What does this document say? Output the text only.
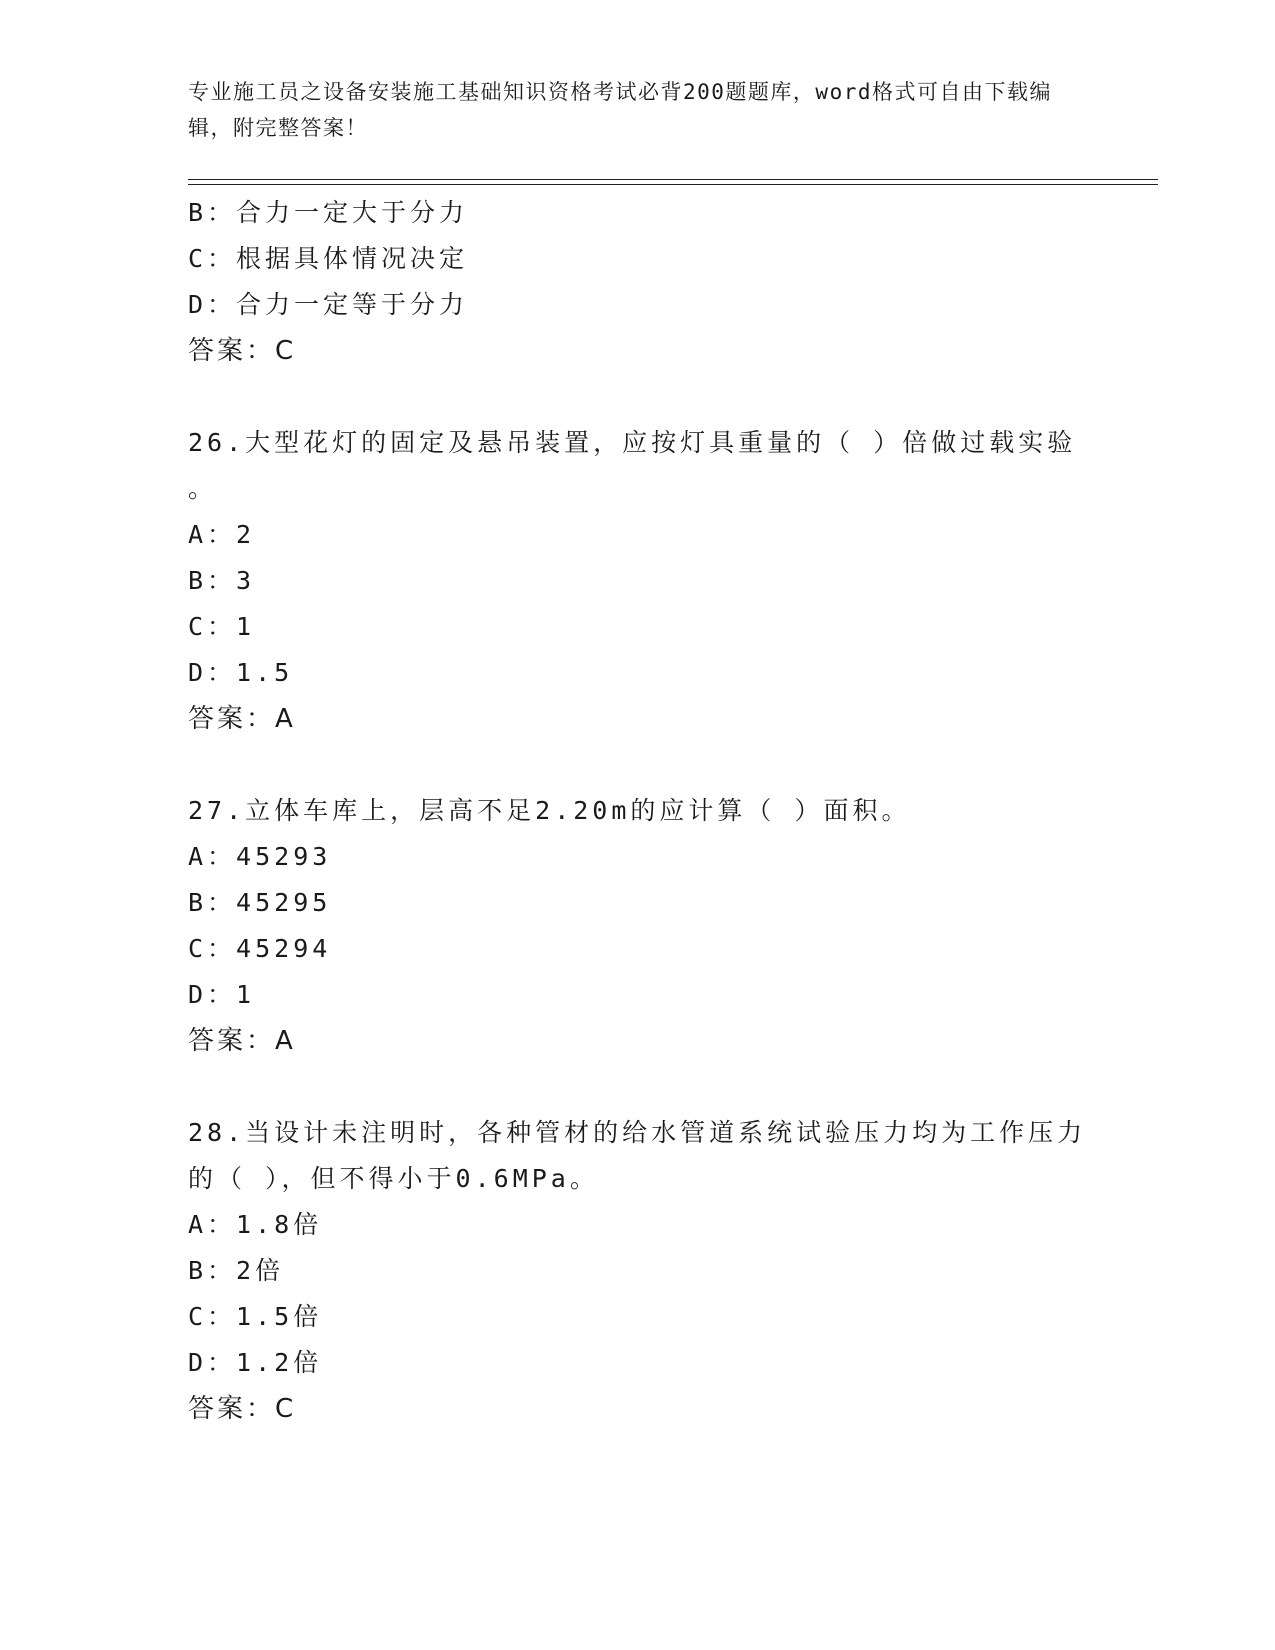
专业施工员之设备安装施工基础知识资格考试必背200题题库，word格式可自由下载编辑，附完整答案！
B：合力一定大于分力
C：根据具体情况决定
D：合力一定等于分力
答案：C
26.大型花灯的固定及悬吊装置，应按灯具重量的（ ）倍做过载实验
。
A：2
B：3
C：1
D：1.5
答案：A
27.立体车库上，层高不足2.20m的应计算（ ）面积。
A：45293
B：45295
C：45294
D：1
答案：A
28.当设计未注明时，各种管材的给水管道系统试验压力均为工作压力
的（ ），但不得小于0.6MPa。
A：1.8倍
B：2倍
C：1.5倍
D：1.2倍
答案：C
